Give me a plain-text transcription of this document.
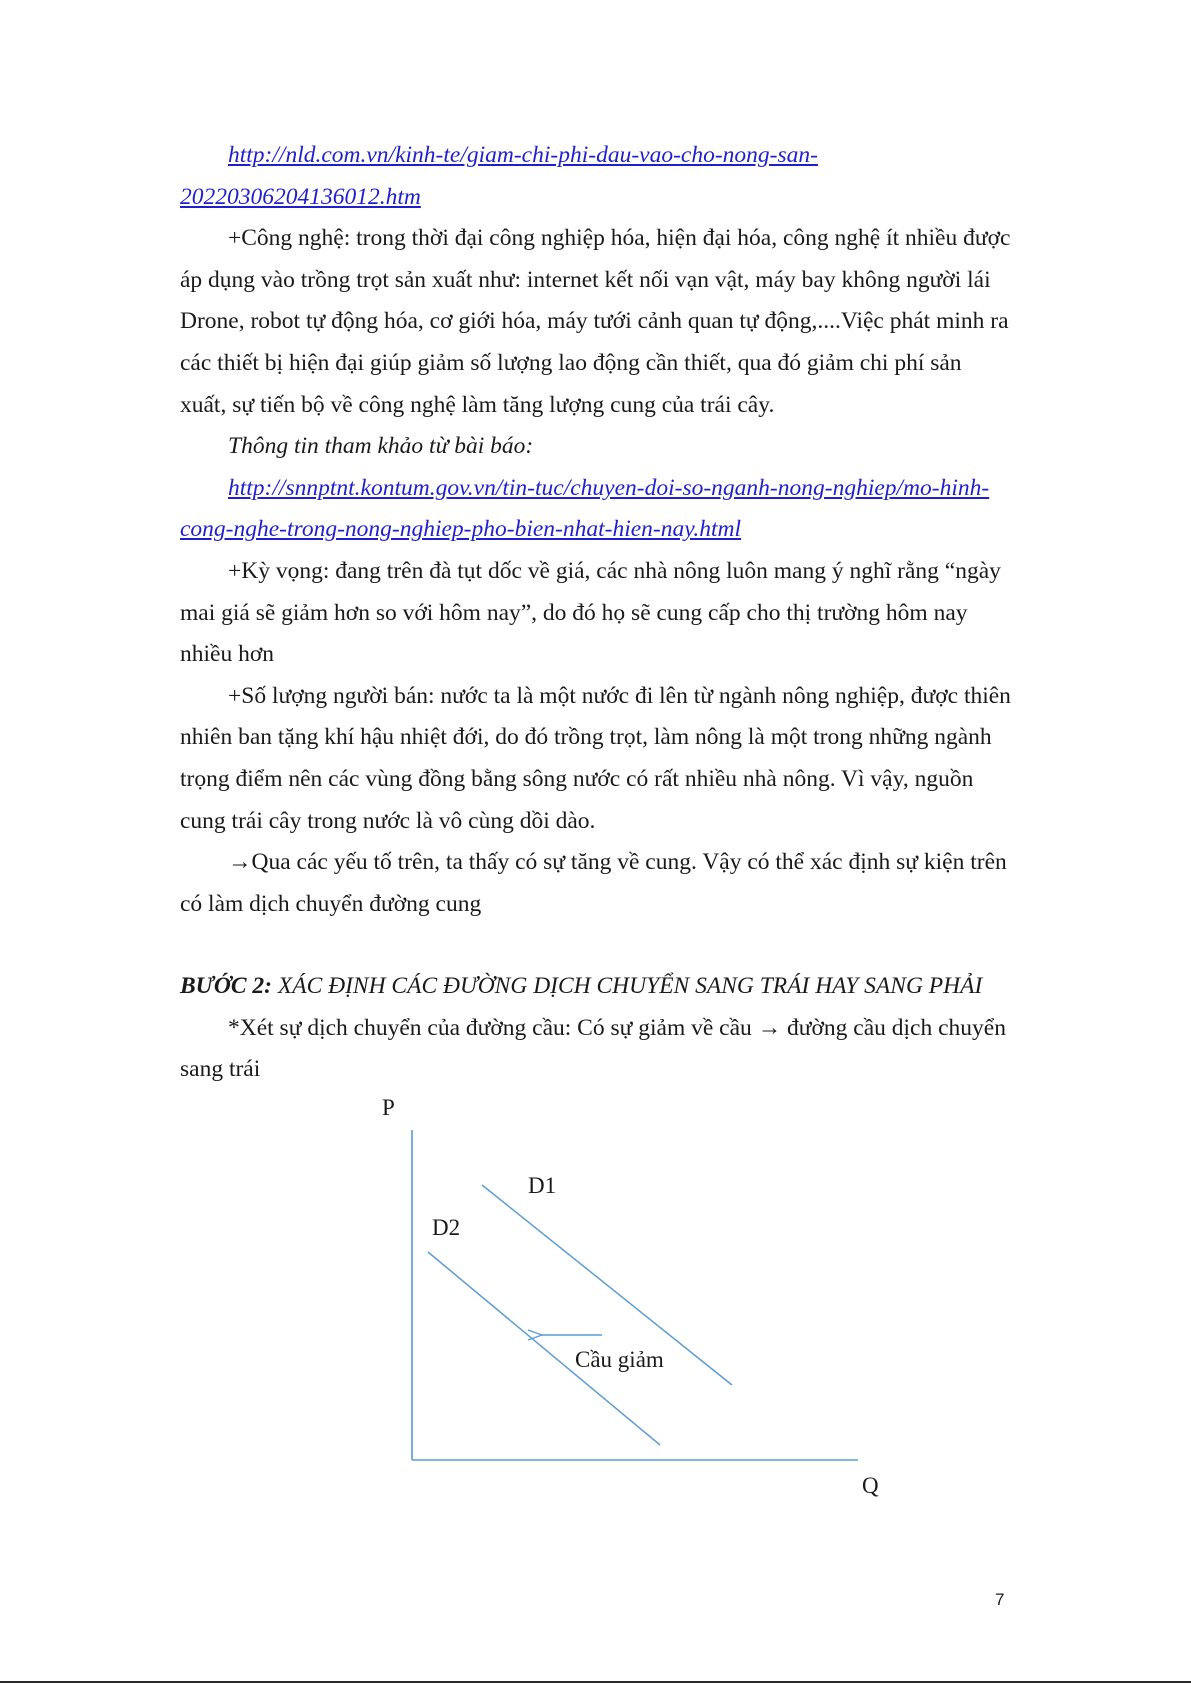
http://nld.com.vn/kinh-te/giam-chi-phi-dau-vao-cho-nong-san-20220306204136012.htm

+Công nghệ: trong thời đại công nghiệp hóa, hiện đại hóa, công nghệ ít nhiều được áp dụng vào trồng trọt sản xuất như: internet kết nối vạn vật, máy bay không người lái Drone, robot tự động hóa, cơ giới hóa, máy tưới cảnh quan tự động,....Việc phát minh ra các thiết bị hiện đại giúp giảm số lượng lao động cần thiết, qua đó giảm chi phí sản xuất, sự tiến bộ về công nghệ làm tăng lượng cung của trái cây.

Thông tin tham khảo từ bài báo:

http://snnptnt.kontum.gov.vn/tin-tuc/chuyen-doi-so-nganh-nong-nghiep/mo-hinh-cong-nghe-trong-nong-nghiep-pho-bien-nhat-hien-nay.html

+Kỳ vọng: đang trên đà tụt dốc về giá, các nhà nông luôn mang ý nghĩ rằng “ngày mai giá sẽ giảm hơn so với hôm nay”, do đó họ sẽ cung cấp cho thị trường hôm nay nhiều hơn

+Số lượng người bán: nước ta là một nước đi lên từ ngành nông nghiệp, được thiên nhiên ban tặng khí hậu nhiệt đới, do đó trồng trọt, làm nông là một trong những ngành trọng điểm nên các vùng đồng bằng sông nước có rất nhiều nhà nông. Vì vậy, nguồn cung trái cây trong nước là vô cùng dồi dào.

→Qua các yếu tố trên, ta thấy có sự tăng về cung. Vậy có thể xác định sự kiện trên có làm dịch chuyển đường cung

BƯỚC 2: XÁC ĐỊNH CÁC ĐƯỜNG DỊCH CHUYỂN SANG TRÁI HAY SANG PHẢI

*Xét sự dịch chuyển của đường cầu: Có sự giảm về cầu → đường cầu dịch chuyển sang trái

P
Q
D1
D2
Cầu giảm
7
